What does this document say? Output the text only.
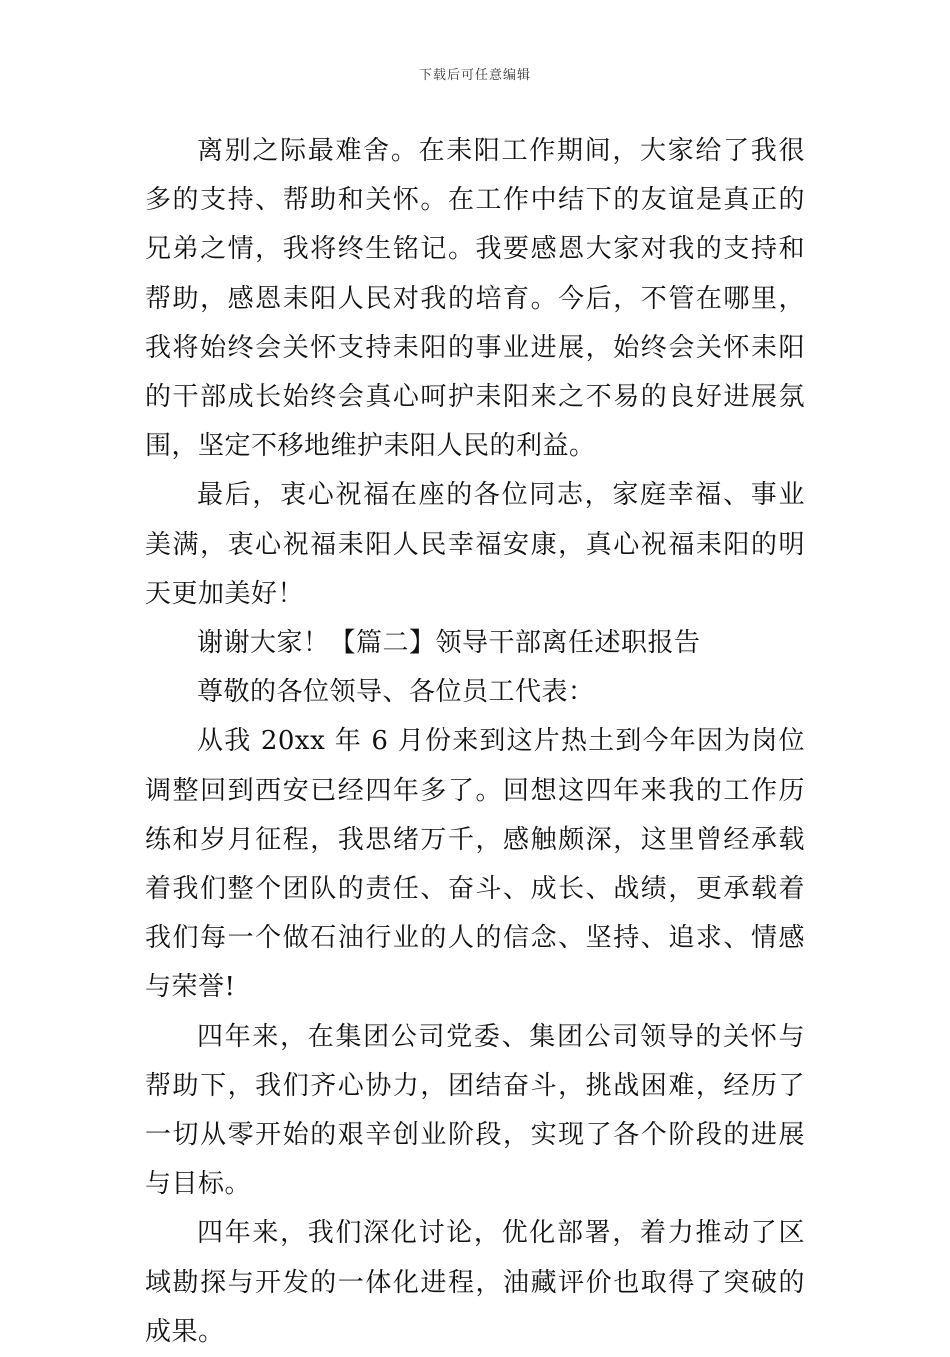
下载后可任意编辑

离别之际最难舍。在耒阳工作期间，大家给了我很多的支持、帮助和关怀。在工作中结下的友谊是真正的兄弟之情，我将终生铭记。我要感恩大家对我的支持和帮助，感恩耒阳人民对我的培育。今后，不管在哪里，我将始终会关怀支持耒阳的事业进展，始终会关怀耒阳的干部成长始终会真心呵护耒阳来之不易的良好进展氛围，坚定不移地维护耒阳人民的利益。

最后，衷心祝福在座的各位同志，家庭幸福、事业美满，衷心祝福耒阳人民幸福安康，真心祝福耒阳的明天更加美好！

谢谢大家！【篇二】领导干部离任述职报告

尊敬的各位领导、各位员工代表：

从我 20xx 年 6 月份来到这片热土到今年因为岗位调整回到西安已经四年多了。回想这四年来我的工作历练和岁月征程，我思绪万千，感触颇深，这里曾经承载着我们整个团队的责任、奋斗、成长、战绩，更承载着我们每一个做石油行业的人的信念、坚持、追求、情感与荣誉!

四年来，在集团公司党委、集团公司领导的关怀与帮助下，我们齐心协力，团结奋斗，挑战困难，经历了一切从零开始的艰辛创业阶段，实现了各个阶段的进展与目标。

四年来，我们深化讨论，优化部署，着力推动了区域勘探与开发的一体化进程，油藏评价也取得了突破的成果。
